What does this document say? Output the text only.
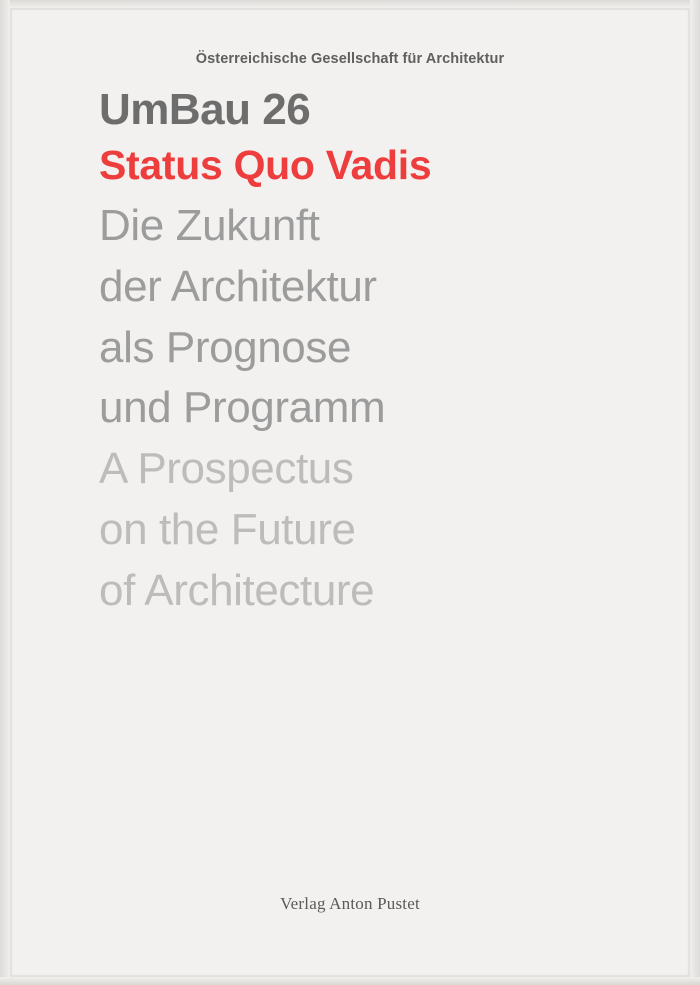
Österreichische Gesellschaft für Architektur
UmBau 26
Status Quo Vadis
Die Zukunft
der Architektur
als Prognose
und Programm
A Prospectus
on the Future
of Architecture
Verlag Anton Pustet
